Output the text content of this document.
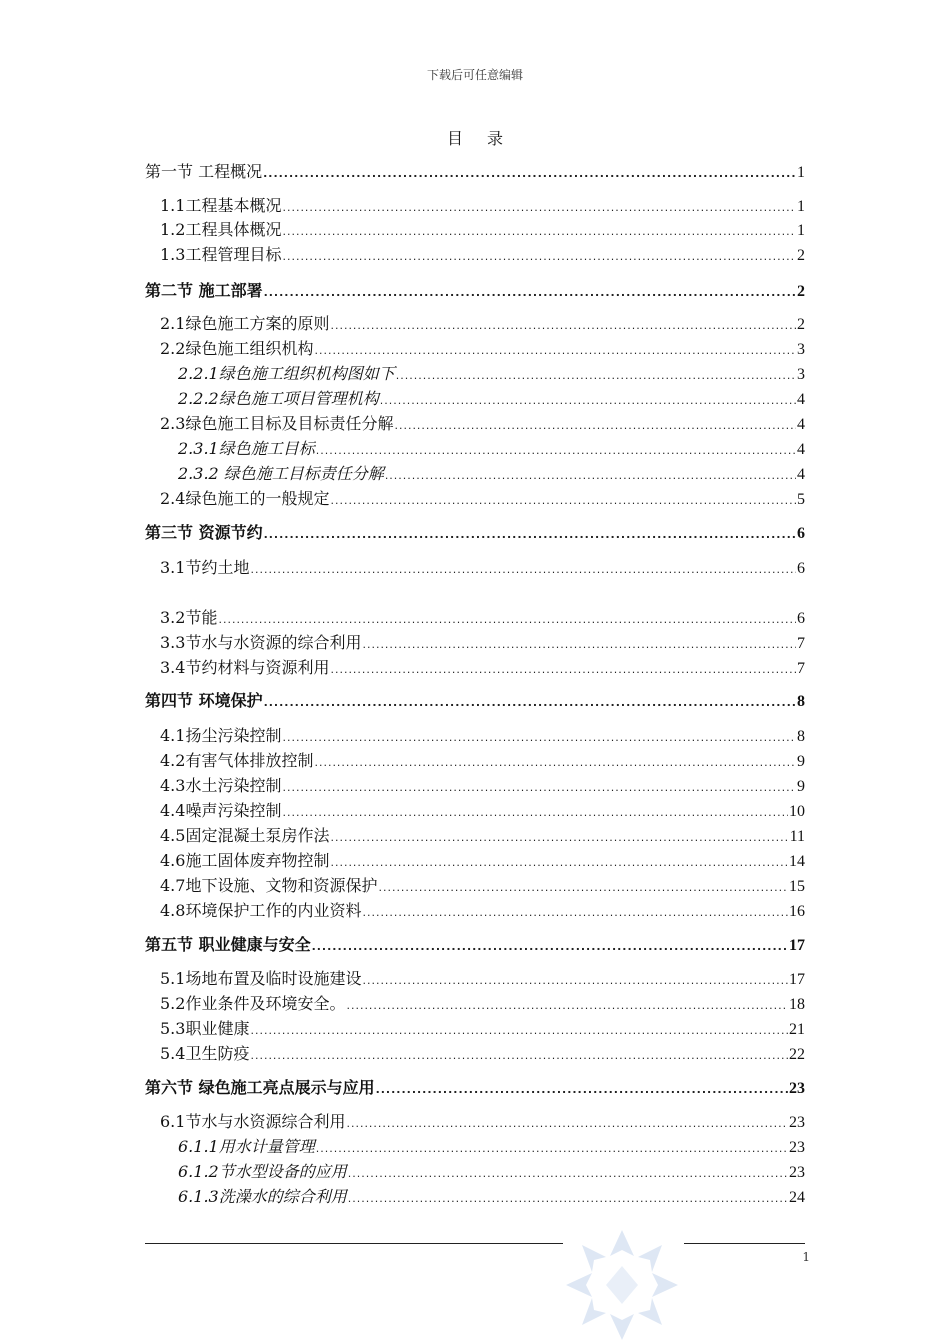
下载后可任意编辑
目录
第一节 工程概况 .....	1
1.1工程基本概况 .....	1
1.2工程具体概况 .....	1
1.3工程管理目标 .....	2
第二节 施工部署 .....	2
2.1绿色施工方案的原则 .....	2
2.2绿色施工组织机构 .....	3
2.2.1绿色施工组织机构图如下 .....	3
2.2.2绿色施工项目管理机构 .....	4
2.3绿色施工目标及目标责任分解 .....	4
2.3.1绿色施工目标 .....	4
2.3.2 绿色施工目标责任分解 .....	4
2.4绿色施工的一般规定 .....	5
第三节 资源节约 .....	6
3.1节约土地 .....	6
3.2节能 .....	6
3.3节水与水资源的综合利用 .....	7
3.4节约材料与资源利用 .....	7
第四节 环境保护 .....	8
4.1扬尘污染控制 .....	8
4.2有害气体排放控制 .....	9
4.3水土污染控制 .....	9
4.4噪声污染控制 .....	10
4.5固定混凝土泵房作法 .....	11
4.6施工固体废弃物控制 .....	14
4.7地下设施、文物和资源保护 .....	15
4.8环境保护工作的内业资料 .....	16
第五节 职业健康与安全 .....	17
5.1场地布置及临时设施建设 .....	17
5.2作业条件及环境安全。 .....	18
5.3职业健康 .....	21
5.4卫生防疫 .....	22
第六节 绿色施工亮点展示与应用 .....	23
6.1节水与水资源综合利用 .....	23
6.1.1用水计量管理 .....	23
6.1.2节水型设备的应用 .....	23
6.1.3洗澡水的综合利用 .....	24
1
